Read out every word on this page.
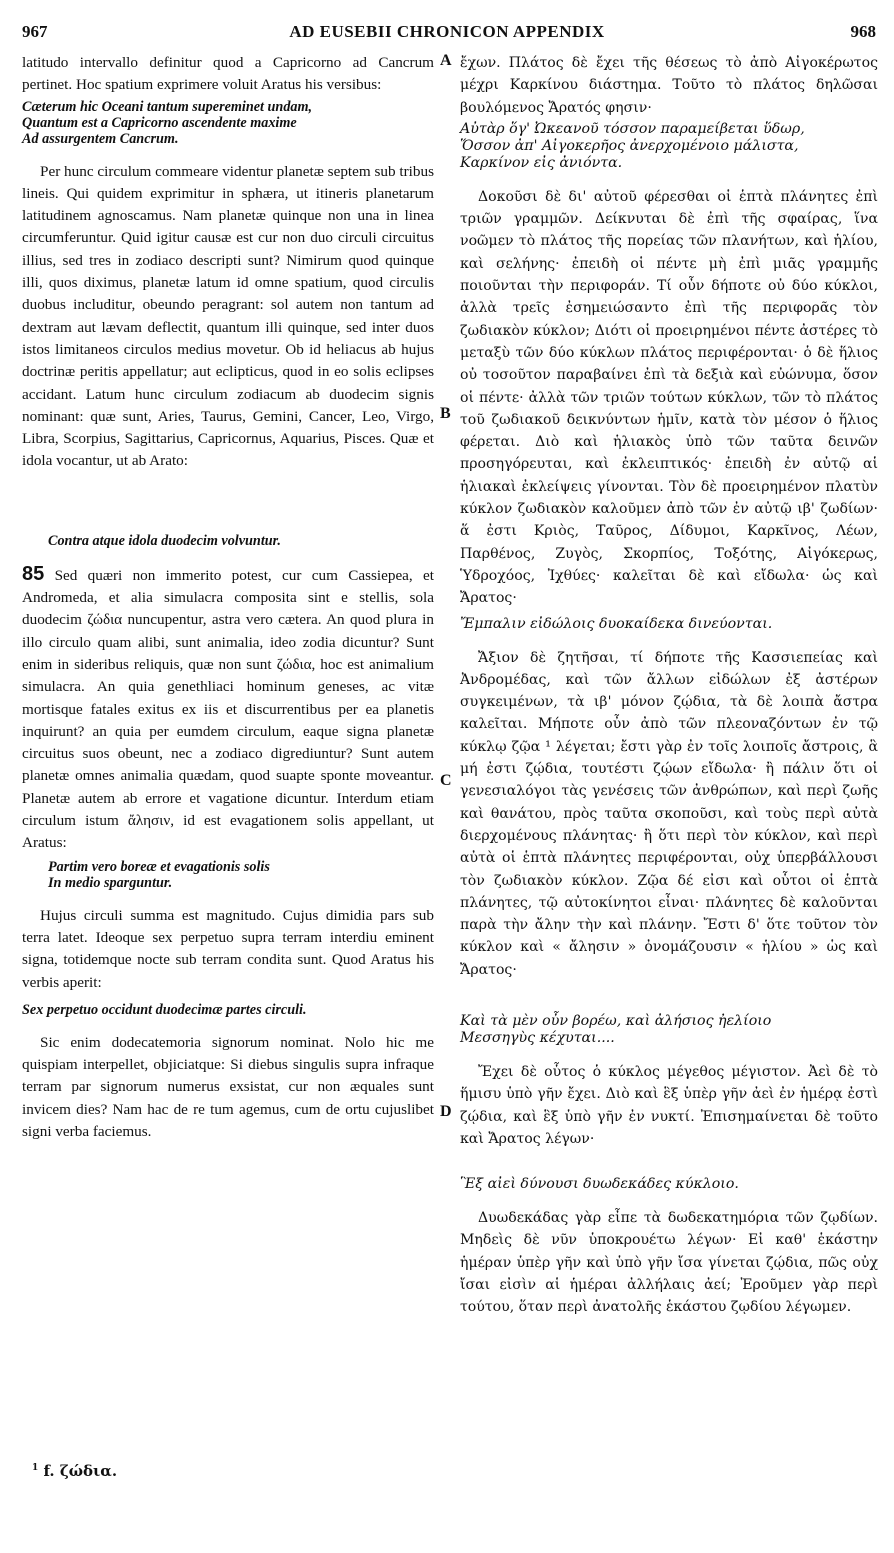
967	AD EUSEBII CHRONICON APPENDIX	968
A
B
C
D

latitudo intervallo definitur quod a Capricorno ad Cancrum pertinet. Hoc spatium exprimere voluit Aratus his versibus:

Cæterum hic Oceani tantum supereminet undam,
Quantum est a Capricorno ascendente maxime
Ad assurgentem Cancrum.

Per hunc circulum commeare videntur planetæ septem sub tribus lineis. Qui quidem exprimitur in sphæra, ut itineris planetarum latitudinem agnoscamus. Nam planetæ quinque non una in linea circumferuntur. Quid igitur causæ est cur non duo circuli circuitus illius, sed tres in zodiaco descripti sunt? Nimirum quod quinque illi, quos diximus, planetæ latum id omne spatium, quod circulis duobus includitur, obeundo peragrant: sol autem non tantum ad dextram aut lævam deflectit, quantum illi quinque, sed inter duos istos limitaneos circulos medius movetur. Ob id heliacus ab hujus doctrinæ peritis appellatur; aut eclipticus, quod in eo solis eclipses accidant. Latum hunc circulum zodiacum ab duodecim signis nominant: quæ sunt, Aries, Taurus, Gemini, Cancer, Leo, Virgo, Libra, Scorpius, Sagittarius, Capricornus, Aquarius, Pisces. Quæ et idola vocantur, ut ab Arato:

Contra atque idola duodecim volvuntur.

85 Sed quæri non immerito potest, cur cum Cassiepea, et Andromeda, et alia simulacra composita sint e stellis, sola duodecim ζώδια nuncupentur, astra vero cætera. An quod plura in illo circulo quam alibi, sunt animalia, ideo zodia dicuntur? Sunt enim in sideribus reliquis, quæ non sunt ζώδια, hoc est animalium simulacra. An quia genethliaci hominum geneses, ac vitæ mortisque fatales exitus ex iis et discurrentibus per ea planetis inquirunt? an quia per eumdem circulum, eaque signa planetæ circuitus suos obeunt, nec a zodiaco digrediuntur? Sunt autem planetæ omnes animalia quædam, quod suapte sponte moveantur. Planetæ autem ab errore et vagatione dicuntur. Interdum etiam circulum istum ἄλησιν, id est evagationem solis appellant, ut Aratus:

Partim vero boreæ et evagationis solis
In medio sparguntur.

Hujus circuli summa est magnitudo. Cujus dimidia pars sub terra latet. Ideoque sex perpetuo supra terram interdiu eminent signa, totidemque nocte sub terram condita sunt. Quod Aratus his verbis aperit:

Sex perpetuo occidunt duodecimæ partes circuli.

Sic enim dodecatemoria signorum nominat. Nolo hic me quispiam interpellet, objiciatque: Si diebus singulis supra infraque terram par signorum numerus exsistat, cur non æquales sunt invicem dies? Nam hac de re tum agemus, cum de ortu cujuslibet signi verba faciemus.

ἔχων. Πλάτος δὲ ἔχει τῆς θέσεως τὸ ἀπὸ Αἰγοκέρωτος μέχρι Καρκίνου διάστημα. Τοῦτο τὸ πλάτος δηλῶσαι βουλόμενος Ἄρατός φησιν·

Αὐτὰρ ὅγ' Ὠκεανοῦ τόσσον παραμείβεται ὕδωρ,
Ὅσσον ἀπ' Αἰγοκερῆος ἀνερχομένοιο μάλιστα,
Καρκίνον εἰς ἀνιόντα.

Δοκοῦσι δὲ δι' αὐτοῦ φέρεσθαι οἱ ἑπτὰ πλάνητες ἐπὶ τριῶν γραμμῶν. Δείκνυται δὲ ἐπὶ τῆς σφαίρας, ἵνα νοῶμεν τὸ πλάτος τῆς πορείας τῶν πλανήτων, καὶ ἡλίου, καὶ σελήνης· ἐπειδὴ οἱ πέντε μὴ ἐπὶ μιᾶς γραμμῆς ποιοῦνται τὴν περιφοράν. Τί οὖν δήποτε οὐ δύο κύκλοι, ἀλλὰ τρεῖς ἐσημειώσαντο ἐπὶ τῆς περιφορᾶς τὸν ζωδιακὸν κύκλον; Διότι οἱ προειρημένοι πέντε ἀστέρες τὸ μεταξὺ τῶν δύο κύκλων πλάτος περιφέρονται· ὁ δὲ ἥλιος οὐ τοσοῦτον παραβαίνει ἐπὶ τὰ δεξιὰ καὶ εὐώνυμα, ὅσον οἱ πέντε· ἀλλὰ τῶν τριῶν τούτων κύκλων, τῶν τὸ πλάτος τοῦ ζωδιακοῦ δεικνύντων ἡμῖν, κατὰ τὸν μέσον ὁ ἥλιος φέρεται. Διὸ καὶ ἡλιακὸς ὑπὸ τῶν ταῦτα δεινῶν προσηγόρευται, καὶ ἐκλειπτικός· ἐπειδὴ ἐν αὐτῷ αἱ ἡλιακαὶ ἐκλείψεις γίνονται. Τὸν δὲ προειρημένον πλατὺν κύκλον ζωδιακὸν καλοῦμεν ἀπὸ τῶν ἐν αὐτῷ ιβ' ζωδίων· ἅ ἐστι Κριὸς, Ταῦρος, Δίδυμοι, Καρκῖνος, Λέων, Παρθένος, Ζυγὸς, Σκορπίος, Τοξότης, Αἰγόκερως, Ὑδροχόος, Ἰχθύες· καλεῖται δὲ καὶ εἴδωλα· ὡς καὶ Ἄρατος·

Ἔμπαλιν εἰδώλοις δυοκαίδεκα δινεύονται.

Ἄξιον δὲ ζητῆσαι, τί δήποτε τῆς Κασσιεπείας καὶ Ἀνδρομέδας, καὶ τῶν ἄλλων εἰδώλων ἐξ ἀστέρων συγκειμένων, τὰ ιβ' μόνον ζῴδια, τὰ δὲ λοιπὰ ἄστρα καλεῖται. Μήποτε οὖν ἀπὸ τῶν πλεοναζόντων ἐν τῷ κύκλῳ ζῷα ¹ λέγεται; ἔστι γὰρ ἐν τοῖς λοιποῖς ἄστροις, ἃ μή ἐστι ζῴδια, τουτέστι ζῴων εἴδωλα· ἢ πάλιν ὅτι οἱ γενεσιαλόγοι τὰς γενέσεις τῶν ἀνθρώπων, καὶ περὶ ζωῆς καὶ θανάτου, πρὸς ταῦτα σκοποῦσι, καὶ τοὺς περὶ αὐτὰ διερχομένους πλάνητας· ἢ ὅτι περὶ τὸν κύκλον, καὶ περὶ αὐτὰ οἱ ἑπτὰ πλάνητες περιφέρονται, οὐχ ὑπερβάλλουσι τὸν ζωδιακὸν κύκλον. Ζῷα δέ εἰσι καὶ οὗτοι οἱ ἑπτὰ πλάνητες, τῷ αὐτοκίνητοι εἶναι· πλάνητες δὲ καλοῦνται παρὰ τὴν ἄλην τὴν καὶ πλάνην. Ἔστι δ' ὅτε τοῦτον τὸν κύκλον καὶ « ἄλησιν » ὀνομάζουσιν « ἡλίου » ὡς καὶ Ἄρατος·

Καὶ τὰ μὲν οὖν βορέω, καὶ ἀλήσιος ἠελίοιο
Μεσσηγὺς κέχυται....

Ἔχει δὲ οὗτος ὁ κύκλος μέγεθος μέγιστον. Ἀεὶ δὲ τὸ ἥμισυ ὑπὸ γῆν ἔχει. Διὸ καὶ ἓξ ὑπὲρ γῆν ἀεὶ ἐν ἡμέρᾳ ἐστὶ ζῴδια, καὶ ἓξ ὑπὸ γῆν ἐν νυκτί. Ἐπισημαίνεται δὲ τοῦτο καὶ Ἄρατος λέγων·

Ἓξ αἰεὶ δύνουσι δυωδεκάδες κύκλοιο.

Δυωδεκάδας γὰρ εἶπε τὰ δωδεκατημόρια τῶν ζῳδίων. Μηδεὶς δὲ νῦν ὑποκρουέτω λέγων· Εἰ καθ' ἑκάστην ἡμέραν ὑπὲρ γῆν καὶ ὑπὸ γῆν ἴσα γίνεται ζῴδια, πῶς οὐχ ἴσαι εἰσὶν αἱ ἡμέραι ἀλλήλαις ἀεί; Ἐροῦμεν γὰρ περὶ τούτου, ὅταν περὶ ἀνατολῆς ἑκάστου ζῳδίου λέγωμεν.

$^1$ f. ζώδια.
